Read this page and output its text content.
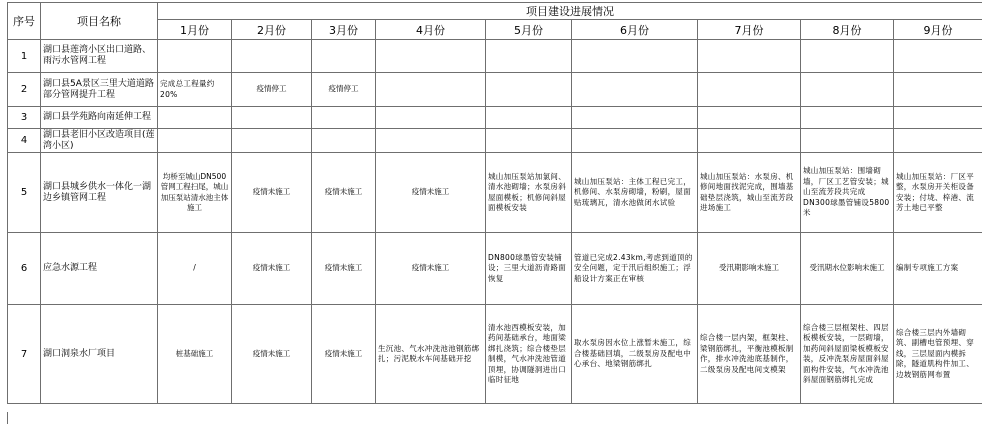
序号	项目名称	项目建设进展情况								
		1月份	2月份	3月份	4月份	5月份	6月份	7月份	8月份	9月份
1	湖口县莲湾小区出口道路、雨污水管网工程									
2	湖口县5A景区三里大道道路部分管网提升工程	完成总工程量约20%	疫情停工	疫情停工						
3	湖口县学苑路向南延伸工程									
4	湖口县老旧小区改造项目(莲湾小区)									
5	湖口县城乡供水一体化一湖边乡镇管网工程	均桥至城山DN500管网工程扫尾，城山加压泵站清水池主体施工	疫情未施工	疫情未施工	疫情未施工	城山加压泵站加氯间、清水池砌墙；水泵房斜屋面模板；机修间斜屋面模板安装	城山加压泵站：主体工程已完工，机修间、水泵房砌墙，粉刷，屋面贴琉璃瓦，清水池做闭水试验	城山加压泵站：水泵房、机修间地面找泥完成，围墙基础垫层浇筑，城山至流芳段进场施工	城山加压泵站：围墙砌墙，厂区工艺管安装；城山至流芳段共完成DN300球墨管铺设5800米	城山加压泵站：厂区平整，水泵房开关柜设备安装；付垅、梓港、流芳土地已平整
6	应急水源工程	/	疫情未施工	疫情未施工	疫情未施工	DN800球墨管安装铺设；三里大道沥青路面恢复	管道已完成2.43km,考虑到道顶的安全问题，定于汛后组织施工；浮船设计方案正在审核	受汛期影响未施工	受汛期水位影响未施工	编制专项施工方案
7	湖口洞泉水厂项目	桩基础施工	疫情未施工	疫情未施工	生沉池、气水冲洗池池钢筋绑扎；污泥脱水车间基础开挖	清水池西模板安装，加药间基础承台，地面梁绑扎浇筑；综合楼垫层制模，气水冲洗池管道顶埋，协调隧洞进出口临时征地	取水泵房因水位上涨暂未施工，综合楼基础回填，二级泵房及配电中心承台、地梁钢筋绑扎	综合楼一层内架，框架柱、梁钢筋绑扎，平衡池模板制作，排水冲洗池底基制作，二级泵房及配电间支模架	综合楼三层框架柱、四层板模板安装，一层砌墙，加药间斜屋面梁板模板安装，反冲洗泵房屋面斜屋面构件安装，气水冲洗池斜屋面钢筋绑扎完成	综合楼三层内外墙砌筑、副槽电管预埋、穿线，三层屋面内模拆除，隧道肌构件加工、边坡钢筋网布置
